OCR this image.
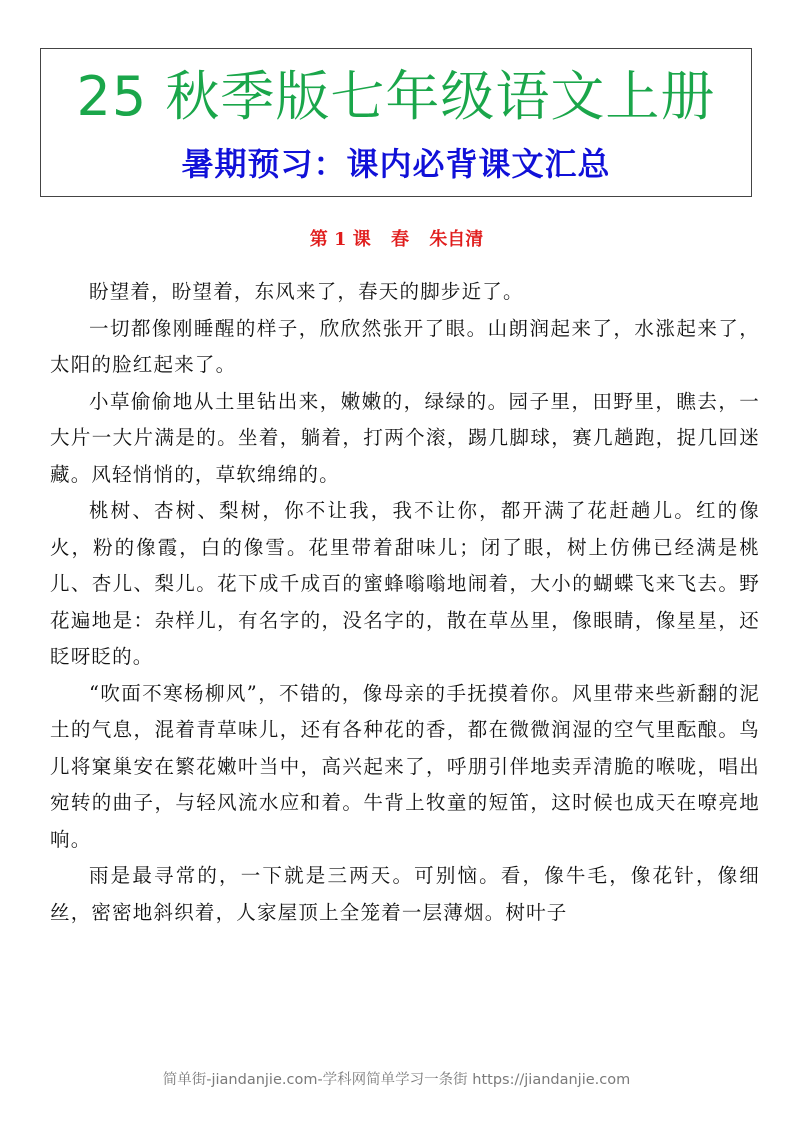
25 秋季版七年级语文上册
暑期预习：课内必背课文汇总
第 1 课 春 朱自清

盼望着，盼望着，东风来了，春天的脚步近了。

一切都像刚睡醒的样子，欣欣然张开了眼。山朗润起来了，水涨起来了，太阳的脸红起来了。

小草偷偷地从土里钻出来，嫩嫩的，绿绿的。园子里，田野里，瞧去，一大片一大片满是的。坐着，躺着，打两个滚，踢几脚球，赛几趟跑，捉几回迷藏。风轻悄悄的，草软绵绵的。

桃树、杏树、梨树，你不让我，我不让你，都开满了花赶趟儿。红的像火，粉的像霞，白的像雪。花里带着甜味儿；闭了眼，树上仿佛已经满是桃儿、杏儿、梨儿。花下成千成百的蜜蜂嗡嗡地闹着，大小的蝴蝶飞来飞去。野花遍地是：杂样儿，有名字的，没名字的，散在草丛里，像眼睛，像星星，还眨呀眨的。

“吹面不寒杨柳风”，不错的，像母亲的手抚摸着你。风里带来些新翻的泥土的气息，混着青草味儿，还有各种花的香，都在微微润湿的空气里酝酿。鸟儿将窠巢安在繁花嫩叶当中，高兴起来了，呼朋引伴地卖弄清脆的喉咙，唱出宛转的曲子，与轻风流水应和着。牛背上牧童的短笛，这时候也成天在嘹亮地响。

雨是最寻常的，一下就是三两天。可别恼。看，像牛毛，像花针，像细丝，密密地斜织着，人家屋顶上全笼着一层薄烟。树叶子

简单街-jiandanjie.com-学科网简单学习一条街 https://jiandanjie.com
